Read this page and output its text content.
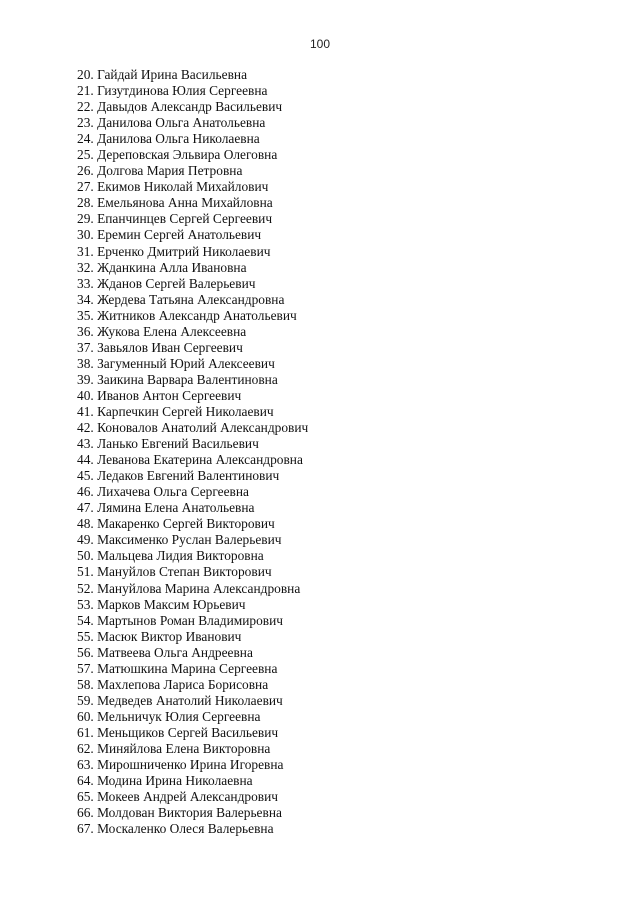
100
20. Гайдай Ирина Васильевна
21. Гизутдинова Юлия Сергеевна
22. Давыдов Александр Васильевич
23. Данилова Ольга Анатольевна
24. Данилова Ольга Николаевна
25. Дереповская Эльвира Олеговна
26. Долгова Мария Петровна
27. Екимов Николай Михайлович
28. Емельянова Анна Михайловна
29. Епанчинцев Сергей Сергеевич
30. Еремин Сергей Анатольевич
31. Ерченко Дмитрий Николаевич
32. Жданкина Алла Ивановна
33. Жданов Сергей Валерьевич
34. Жердева Татьяна Александровна
35. Житников Александр Анатольевич
36. Жукова Елена Алексеевна
37. Завьялов Иван Сергеевич
38. Загуменный Юрий Алексеевич
39. Заикина Варвара Валентиновна
40. Иванов Антон Сергеевич
41. Карпечкин Сергей Николаевич
42. Коновалов Анатолий Александрович
43. Ланько Евгений Васильевич
44. Леванова Екатерина Александровна
45. Ледаков Евгений Валентинович
46. Лихачева Ольга Сергеевна
47. Лямина Елена Анатольевна
48. Макаренко Сергей Викторович
49. Максименко Руслан Валерьевич
50. Мальцева Лидия Викторовна
51. Мануйлов Степан Викторович
52. Мануйлова Марина Александровна
53. Марков Максим Юрьевич
54. Мартынов Роман Владимирович
55. Масюк Виктор Иванович
56. Матвеева Ольга Андреевна
57. Матюшкина Марина Сергеевна
58. Махлепова Лариса Борисовна
59. Медведев Анатолий Николаевич
60. Мельничук Юлия Сергеевна
61. Меньщиков Сергей Васильевич
62. Миняйлова Елена Викторовна
63. Мирошниченко Ирина Игоревна
64. Модина Ирина Николаевна
65. Мокеев Андрей Александрович
66. Молдован Виктория Валерьевна
67. Москаленко Олеся Валерьевна
